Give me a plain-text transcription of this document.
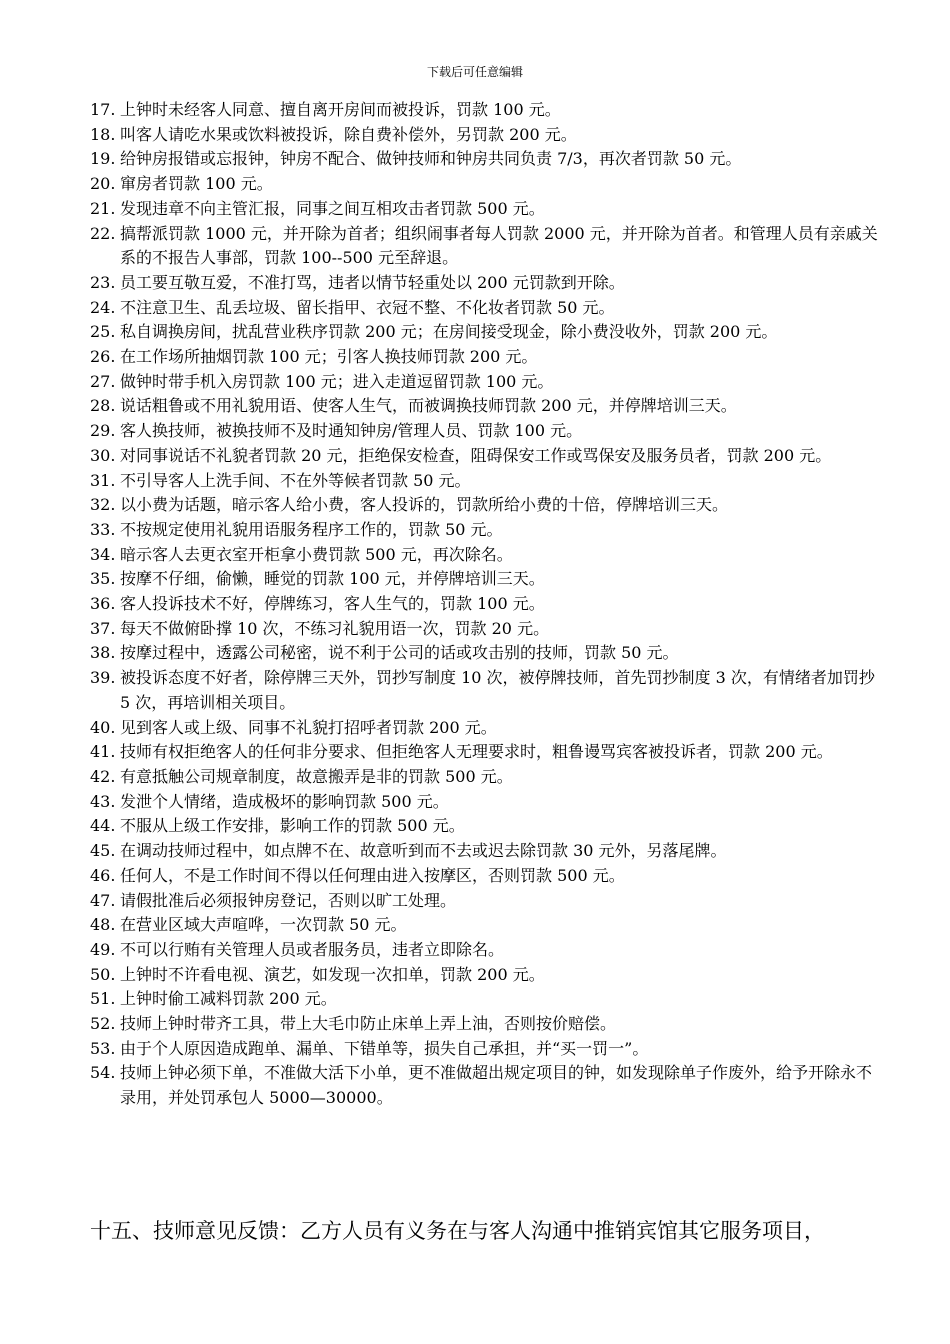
下载后可任意编辑
17. 上钟时未经客人同意、擅自离开房间而被投诉，罚款 100 元。
18. 叫客人请吃水果或饮料被投诉，除自费补偿外，另罚款 200 元。
19. 给钟房报错或忘报钟，钟房不配合、做钟技师和钟房共同负责 7/3，再次者罚款 50 元。
20. 窜房者罚款 100 元。
21. 发现违章不向主管汇报，同事之间互相攻击者罚款 500 元。
22. 搞帮派罚款 1000 元，并开除为首者；组织闹事者每人罚款 2000 元，并开除为首者。和管理人员有亲戚关系的不报告人事部，罚款 100--500 元至辞退。
23. 员工要互敬互爱，不准打骂，违者以情节轻重处以 200 元罚款到开除。
24. 不注意卫生、乱丢垃圾、留长指甲、衣冠不整、不化妆者罚款 50 元。
25. 私自调换房间，扰乱营业秩序罚款 200 元；在房间接受现金，除小费没收外，罚款 200 元。
26. 在工作场所抽烟罚款 100 元；引客人换技师罚款 200 元。
27. 做钟时带手机入房罚款 100 元；进入走道逗留罚款 100 元。
28. 说话粗鲁或不用礼貌用语、使客人生气，而被调换技师罚款 200 元，并停牌培训三天。
29. 客人换技师，被换技师不及时通知钟房/管理人员、罚款 100 元。
30. 对同事说话不礼貌者罚款 20 元，拒绝保安检查，阻碍保安工作或骂保安及服务员者，罚款 200 元。
31. 不引导客人上洗手间、不在外等候者罚款 50 元。
32. 以小费为话题，暗示客人给小费，客人投诉的，罚款所给小费的十倍，停牌培训三天。
33. 不按规定使用礼貌用语服务程序工作的，罚款 50 元。
34. 暗示客人去更衣室开柜拿小费罚款 500 元，再次除名。
35. 按摩不仔细，偷懒，睡觉的罚款 100 元，并停牌培训三天。
36. 客人投诉技术不好，停牌练习，客人生气的，罚款 100 元。
37. 每天不做俯卧撑 10 次，不练习礼貌用语一次，罚款 20 元。
38. 按摩过程中，透露公司秘密，说不利于公司的话或攻击别的技师，罚款 50 元。
39. 被投诉态度不好者，除停牌三天外，罚抄写制度 10 次，被停牌技师，首先罚抄制度 3 次，有情绪者加罚抄 5 次，再培训相关项目。
40. 见到客人或上级、同事不礼貌打招呼者罚款 200 元。
41. 技师有权拒绝客人的任何非分要求、但拒绝客人无理要求时，粗鲁谩骂宾客被投诉者，罚款 200 元。
42. 有意抵触公司规章制度，故意搬弄是非的罚款 500 元。
43. 发泄个人情绪，造成极坏的影响罚款 500 元。
44. 不服从上级工作安排，影响工作的罚款 500 元。
45. 在调动技师过程中，如点牌不在、故意听到而不去或迟去除罚款 30 元外，另落尾牌。
46. 任何人，不是工作时间不得以任何理由进入按摩区，否则罚款 500 元。
47. 请假批准后必须报钟房登记，否则以旷工处理。
48. 在营业区域大声喧哗，一次罚款 50 元。
49. 不可以行贿有关管理人员或者服务员，违者立即除名。
50. 上钟时不许看电视、演艺，如发现一次扣单，罚款 200 元。
51. 上钟时偷工减料罚款 200 元。
52. 技师上钟时带齐工具，带上大毛巾防止床单上弄上油，否则按价赔偿。
53. 由于个人原因造成跑单、漏单、下错单等，损失自己承担，并“买一罚一”。
54. 技师上钟必须下单，不准做大活下小单，更不准做超出规定项目的钟，如发现除单子作废外，给予开除永不录用，并处罚承包人 5000—30000。
十五、技师意见反馈：乙方人员有义务在与客人沟通中推销宾馆其它服务项目，
